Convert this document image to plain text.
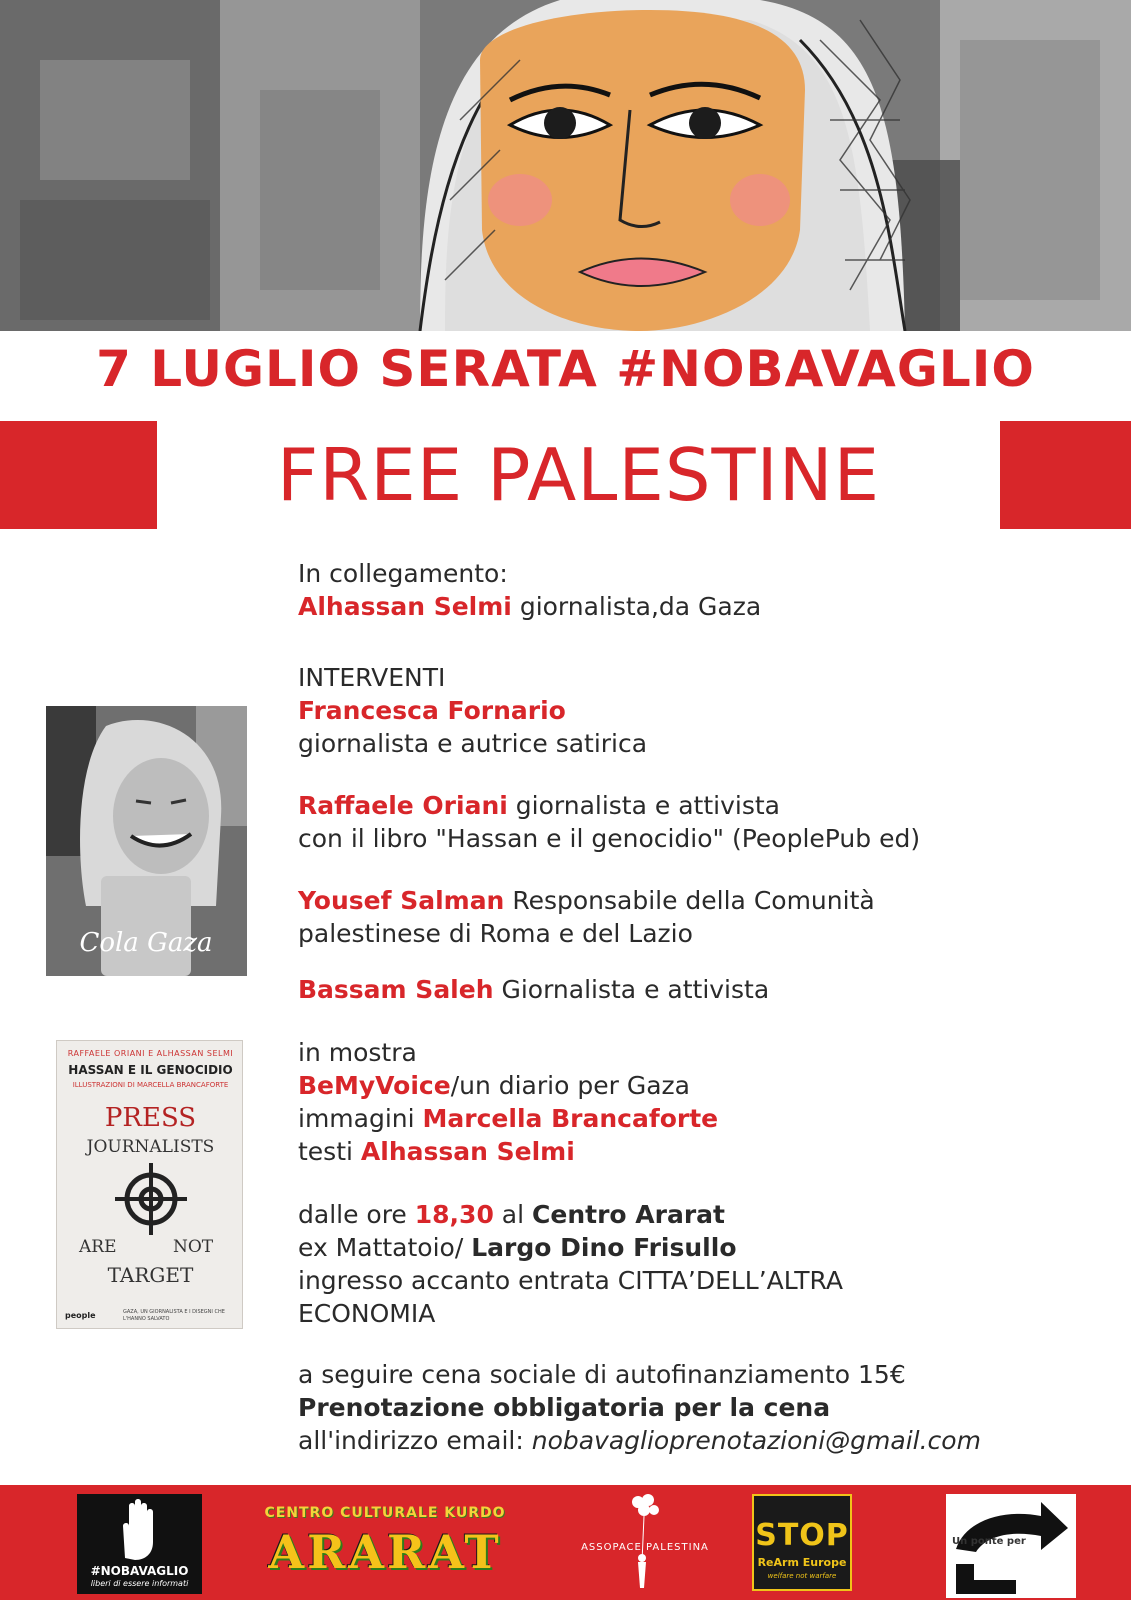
7 LUGLIO SERATA #NOBAVAGLIO
FREE PALESTINE
In collegamento:
Alhassan Selmi giornalista,da Gaza
INTERVENTI
Francesca Fornario
giornalista e autrice satirica
Raffaele Oriani giornalista e attivista
con il libro "Hassan e il genocidio" (PeoplePub ed)
Yousef Salman Responsabile della Comunità
palestinese di Roma e del Lazio
Bassam Saleh Giornalista e attivista
in mostra
BeMyVoice/un diario per Gaza
immagini Marcella Brancaforte
testi Alhassan Selmi
dalle ore 18,30 al Centro Ararat
ex Mattatoio/ Largo Dino Frisullo
ingresso accanto entrata CITTA’DELL’ALTRA
ECONOMIA
a seguire cena sociale di autofinanziamento 15€
Prenotazione obbligatoria per la cena
all'indirizzo email: nobavaglioprenotazioni@gmail.com
Cola Gaza
RAFFAELE ORIANI E ALHASSAN SELMI
HASSAN E IL GENOCIDIO
ILLUSTRAZIONI DI MARCELLA BRANCAFORTE
PRESS
JOURNALISTS
ARE	NOT
TARGET
people	GAZA, UN GIORNALISTA E I DISEGNI CHE L'HANNO SALVATO
#NOBAVAGLIO
liberi di essere informati
CENTRO CULTURALE KURDO
ARARAT	ASSOPACE PALESTINA	STOP
ReArm Europe
welfare not warfare
Un ponte per
